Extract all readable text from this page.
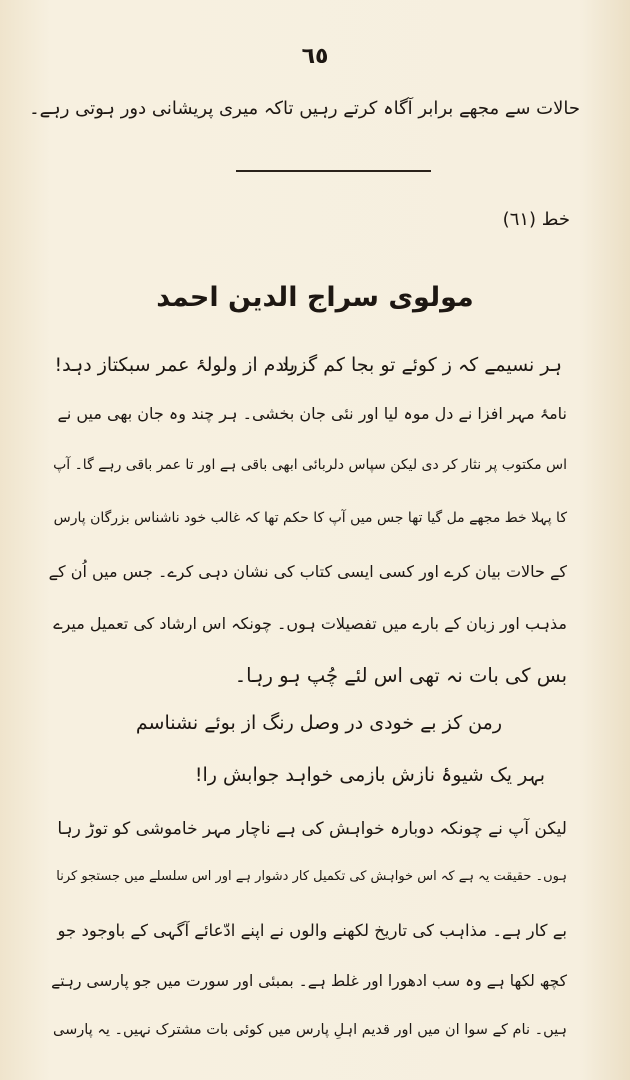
٦٥
حالات سے مجھے برابر آگاہ کرتے رہیں تاکہ میری پریشانی دور ہوتی رہے۔
خط (٦١)
مولوی سراج الدین احمد
ہر نسیمے کہ ز کوئے تو بجا کم گزرد
یادم از ولولۂ عمر سبکتاز دہد!
نامۂ مہر افزا نے دل موہ لیا اور نئی جان بخشی۔ ہر چند وہ جان بھی میں نے
اس مکتوب پر نثار کر دی لیکن سپاس دلربائی ابھی باقی ہے اور تا عمر باقی رہے گا۔ آپ
کا پہلا خط مجھے مل گیا تھا جس میں آپ کا حکم تھا کہ غالب خود ناشناس بزرگان پارس
کے حالات بیان کرے اور کسی ایسی کتاب کی نشان دہی کرے۔ جس میں اُن کے
مذہب اور زبان کے بارے میں تفصیلات ہوں۔ چونکہ اس ارشاد کی تعمیل میرے
بس کی بات نہ تھی اس لئے چُپ ہو رہا۔
رمن کز بے خودی در وصل رنگ از بوئے نشناسم
بہر یک شیوۂ نازش بازمی خواہد جوابش را!
لیکن آپ نے چونکہ دوبارہ خواہش کی ہے ناچار مہر خاموشی کو توڑ رہا
ہوں۔ حقیقت یہ ہے کہ اس خواہش کی تکمیل کار دشوار ہے اور اس سلسلے میں جستجو کرنا
بے کار ہے۔ مذاہب کی تاریخ لکھنے والوں نے اپنے ادّعائے آگہی کے باوجود جو
کچھ لکھا ہے وہ سب ادھورا اور غلط ہے۔ بمبئی اور سورت میں جو پارسی رہتے
ہیں۔ نام کے سوا ان میں اور قدیم اہلِ پارس میں کوئی بات مشترک نہیں۔ یہ پارسی
